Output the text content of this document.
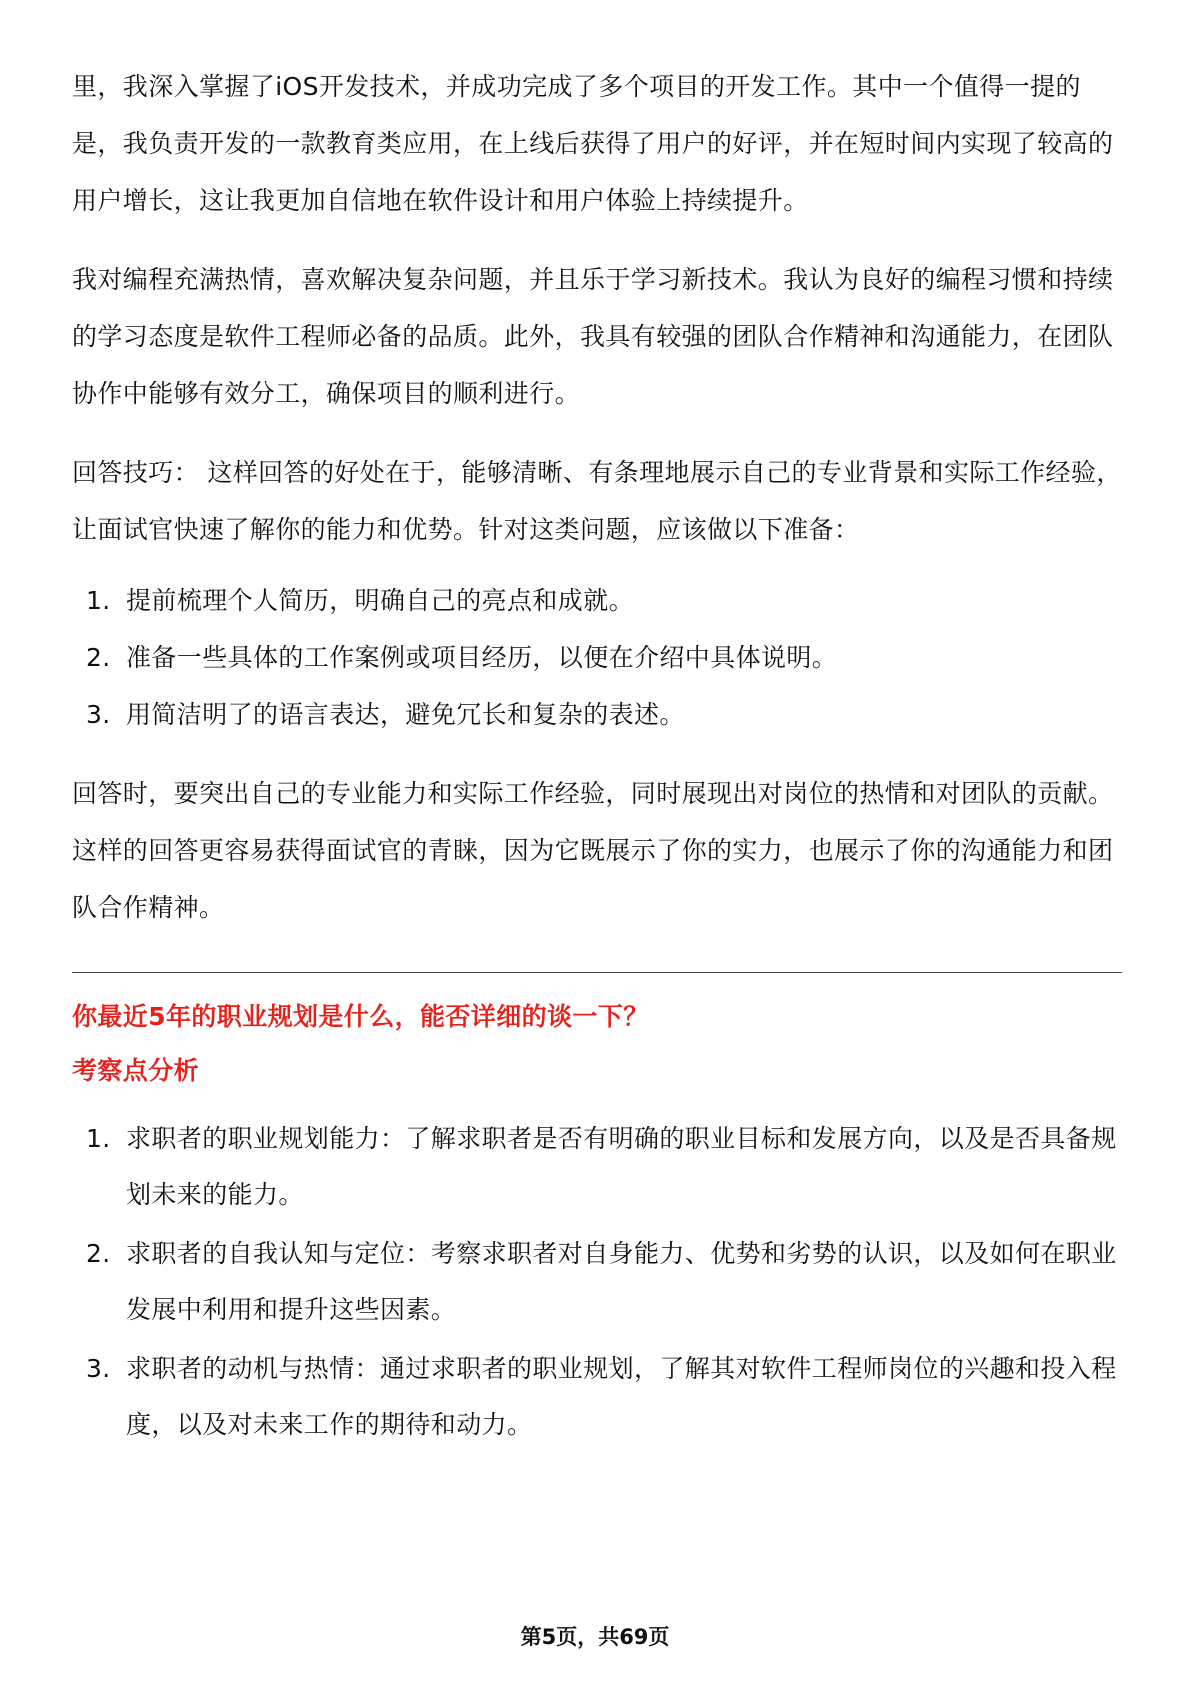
里，我深入掌握了iOS开发技术，并成功完成了多个项目的开发工作。其中一个值得一提的是，我负责开发的一款教育类应用，在上线后获得了用户的好评，并在短时间内实现了较高的用户增长，这让我更加自信地在软件设计和用户体验上持续提升。

我对编程充满热情，喜欢解决复杂问题，并且乐于学习新技术。我认为良好的编程习惯和持续的学习态度是软件工程师必备的品质。此外，我具有较强的团队合作精神和沟通能力，在团队协作中能够有效分工，确保项目的顺利进行。

回答技巧： 这样回答的好处在于，能够清晰、有条理地展示自己的专业背景和实际工作经验，让面试官快速了解你的能力和优势。针对这类问题，应该做以下准备：

1. 提前梳理个人简历，明确自己的亮点和成就。
2. 准备一些具体的工作案例或项目经历，以便在介绍中具体说明。
3. 用简洁明了的语言表达，避免冗长和复杂的表述。

回答时，要突出自己的专业能力和实际工作经验，同时展现出对岗位的热情和对团队的贡献。这样的回答更容易获得面试官的青睐，因为它既展示了你的实力，也展示了你的沟通能力和团队合作精神。

你最近5年的职业规划是什么，能否详细的谈一下？

考察点分析

1. 求职者的职业规划能力：了解求职者是否有明确的职业目标和发展方向，以及是否具备规划未来的能力。
2. 求职者的自我认知与定位：考察求职者对自身能力、优势和劣势的认识，以及如何在职业发展中利用和提升这些因素。
3. 求职者的动机与热情：通过求职者的职业规划，了解其对软件工程师岗位的兴趣和投入程度，以及对未来工作的期待和动力。
第5页，共69页
